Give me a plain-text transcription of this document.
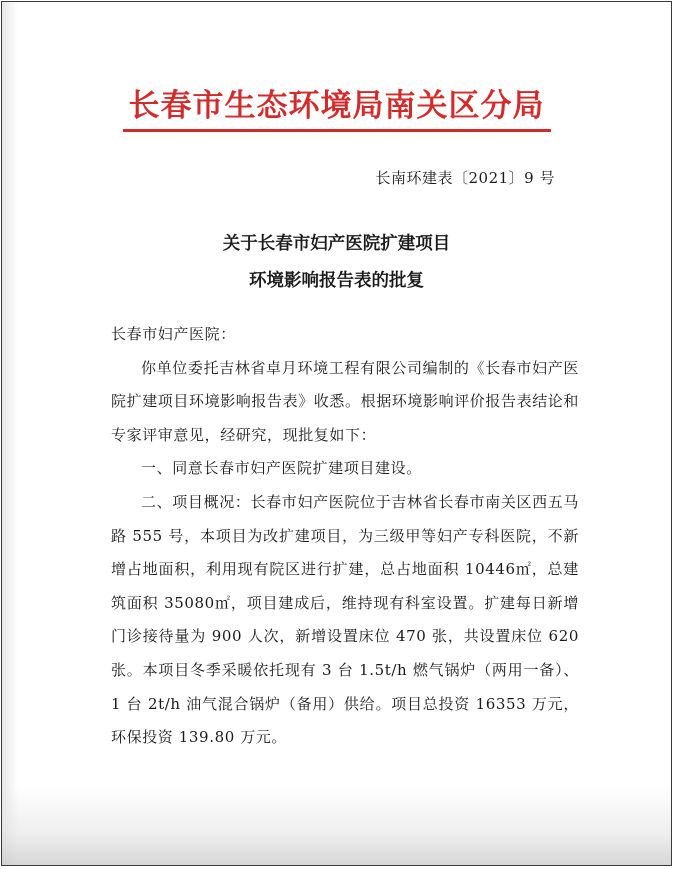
长春市生态环境局南关区分局
长南环建表〔2021〕9 号
关于长春市妇产医院扩建项目
环境影响报告表的批复

长春市妇产医院：

你单位委托吉林省卓月环境工程有限公司编制的《长春市妇产医院扩建项目环境影响报告表》收悉。根据环境影响评价报告表结论和专家评审意见，经研究，现批复如下：

一、同意长春市妇产医院扩建项目建设。

二、项目概况：长春市妇产医院位于吉林省长春市南关区西五马路 555 号，本项目为改扩建项目，为三级甲等妇产专科医院，不新增占地面积，利用现有院区进行扩建，总占地面积 10446㎡，总建筑面积 35080㎡，项目建成后，维持现有科室设置。扩建每日新增门诊接待量为 900 人次，新增设置床位 470 张，共设置床位 620 张。本项目冬季采暖依托现有 3 台 1.5t/h 燃气锅炉（两用一备）、1 台 2t/h 油气混合锅炉（备用）供给。项目总投资 16353 万元，环保投资 139.80 万元。
